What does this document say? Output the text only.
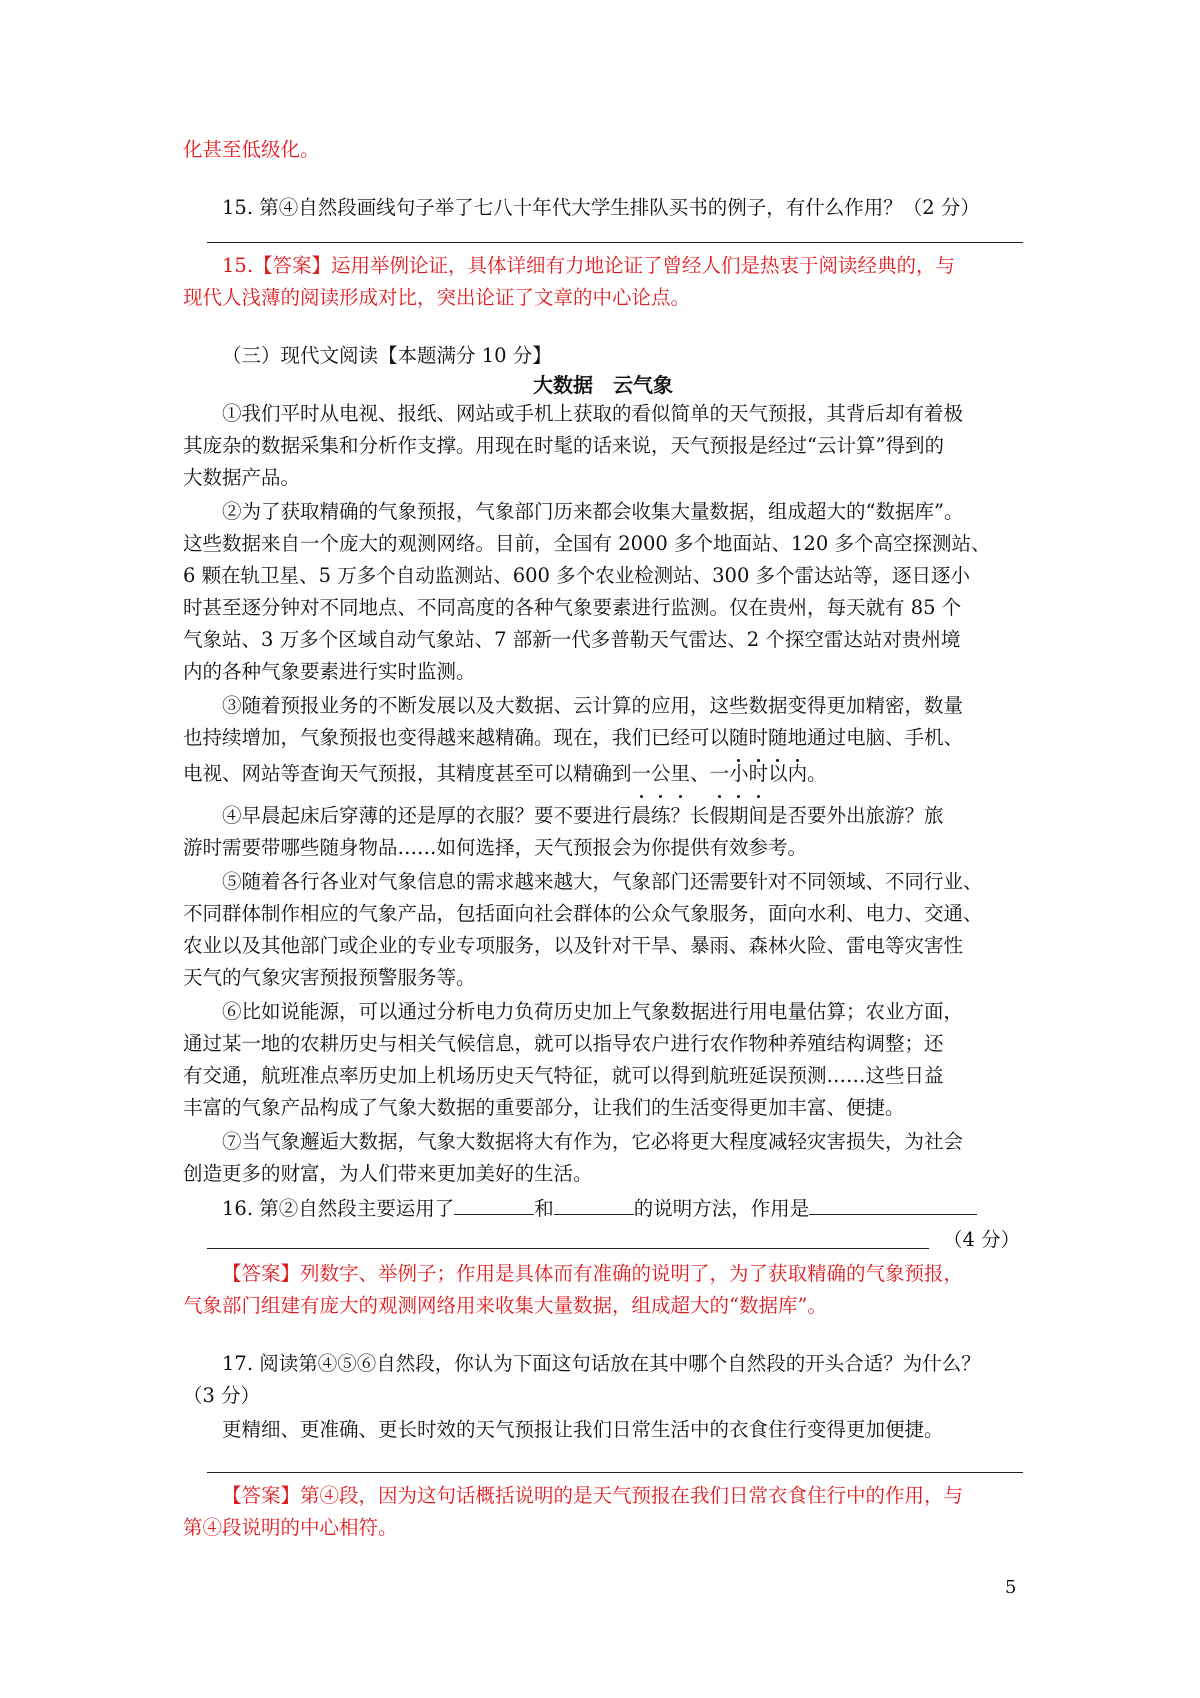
化甚至低级化。
15. 第④自然段画线句子举了七八十年代大学生排队买书的例子，有什么作用？（2 分）
15.【答案】运用举例论证，具体详细有力地论证了曾经人们是热衷于阅读经典的，与
现代人浅薄的阅读形成对比，突出论证了文章的中心论点。
（三）现代文阅读【本题满分 10 分】
大数据　云气象
①我们平时从电视、报纸、网站或手机上获取的看似简单的天气预报，其背后却有着极
其庞杂的数据采集和分析作支撑。用现在时髦的话来说，天气预报是经过“云计算”得到的
大数据产品。
②为了获取精确的气象预报，气象部门历来都会收集大量数据，组成超大的“数据库”。
这些数据来自一个庞大的观测网络。目前，全国有 2000 多个地面站、120 多个高空探测站、
6 颗在轨卫星、5 万多个自动监测站、600 多个农业检测站、300 多个雷达站等，逐日逐小
时甚至逐分钟对不同地点、不同高度的各种气象要素进行监测。仅在贵州，每天就有 85 个
气象站、3 万多个区域自动气象站、7 部新一代多普勒天气雷达、2 个探空雷达站对贵州境
内的各种气象要素进行实时监测。
③随着预报业务的不断发展以及大数据、云计算的应用，这些数据变得更加精密，数量
也持续增加，气象预报也变得越来越精确。现在，我们已经可以随时随地通过电脑、手机、
电视、网站等查询天气预报，其精度甚至可以精确到一公里、一小时以内。
④早晨起床后穿薄的还是厚的衣服？要不要进行晨练？长假期间是否要外出旅游？旅
游时需要带哪些随身物品……如何选择，天气预报会为你提供有效参考。
⑤随着各行各业对气象信息的需求越来越大，气象部门还需要针对不同领域、不同行业、
不同群体制作相应的气象产品，包括面向社会群体的公众气象服务，面向水利、电力、交通、
农业以及其他部门或企业的专业专项服务，以及针对干旱、暴雨、森林火险、雷电等灾害性
天气的气象灾害预报预警服务等。
⑥比如说能源，可以通过分析电力负荷历史加上气象数据进行用电量估算；农业方面，
通过某一地的农耕历史与相关气候信息，就可以指导农户进行农作物种养殖结构调整；还
有交通，航班准点率历史加上机场历史天气特征，就可以得到航班延误预测……这些日益
丰富的气象产品构成了气象大数据的重要部分，让我们的生活变得更加丰富、便捷。
⑦当气象邂逅大数据，气象大数据将大有作为，它必将更大程度减轻灾害损失，为社会
创造更多的财富，为人们带来更加美好的生活。
16. 第②自然段主要运用了	和	的说明方法，作用是
（4 分）
【答案】列数字、举例子；作用是具体而有准确的说明了，为了获取精确的气象预报，
气象部门组建有庞大的观测网络用来收集大量数据，组成超大的“数据库”。
17. 阅读第④⑤⑥自然段，你认为下面这句话放在其中哪个自然段的开头合适？为什么？
（3 分）
更精细、更准确、更长时效的天气预报让我们日常生活中的衣食住行变得更加便捷。
【答案】第④段，因为这句话概括说明的是天气预报在我们日常衣食住行中的作用，与
第④段说明的中心相符。
5
